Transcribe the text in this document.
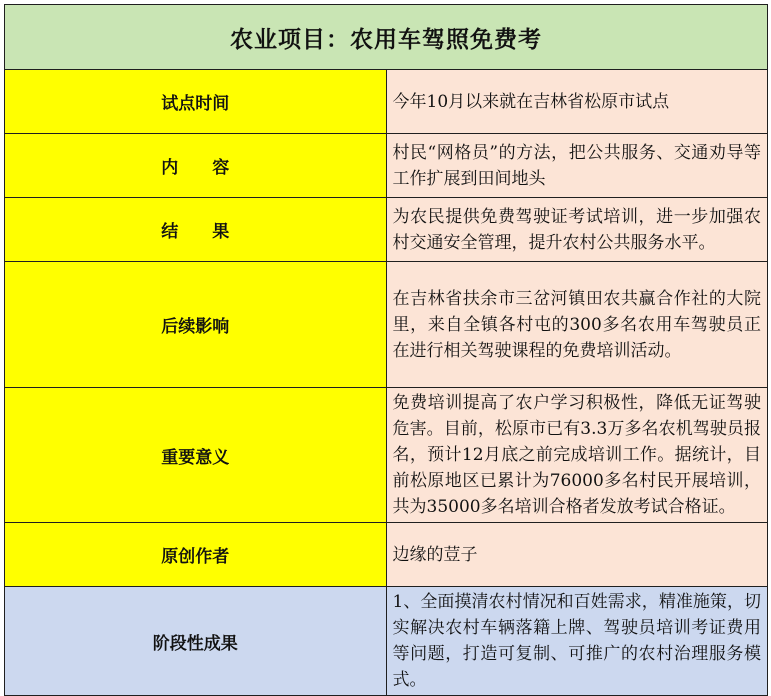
农业项目：农用车驾照免费考	
试点时间	今年10月以来就在吉林省松原市试点
内　　容	村民“网格员”的方法，把公共服务、交通劝导等工作扩展到田间地头
结　　果	为农民提供免费驾驶证考试培训，进一步加强农村交通安全管理，提升农村公共服务水平。
后续影响	在吉林省扶余市三岔河镇田农共赢合作社的大院里，来自全镇各村屯的300多名农用车驾驶员正在进行相关驾驶课程的免费培训活动。
重要意义	免费培训提高了农户学习积极性，降低无证驾驶危害。目前，松原市已有3.3万多名农机驾驶员报名，预计12月底之前完成培训工作。据统计，目前松原地区已累计为76000多名村民开展培训，共为35000多名培训合格者发放考试合格证。
原创作者	边缘的荳子
阶段性成果	1、全面摸清农村情况和百姓需求，精准施策，切实解决农村车辆落籍上牌、驾驶员培训考证费用等问题，打造可复制、可推广的农村治理服务模式。
